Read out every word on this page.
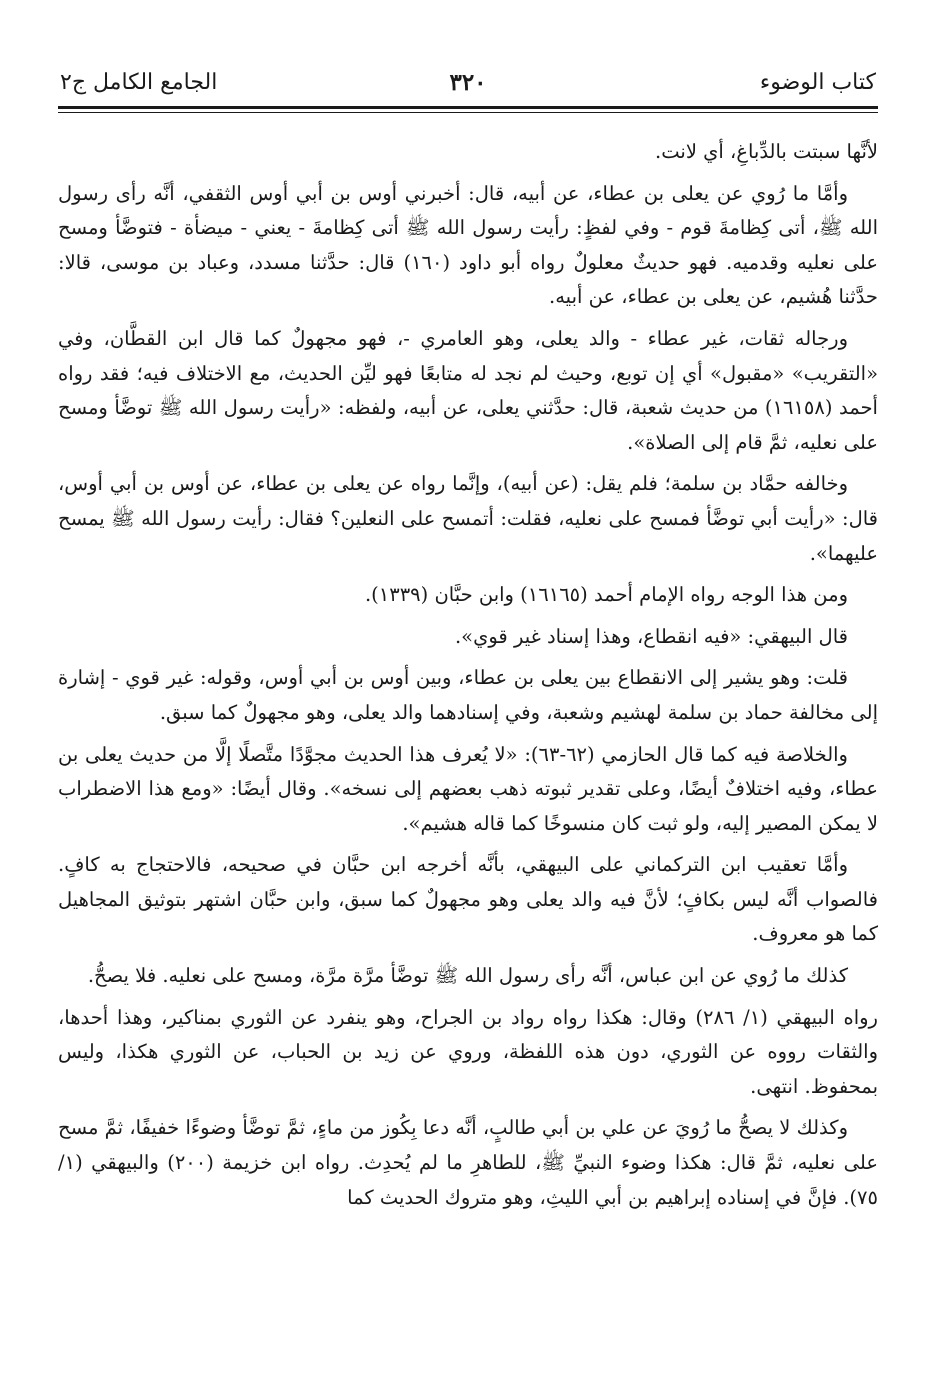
كتاب الوضوء
٣٢٠
الجامع الكامل ج٢

لأنَّها سبتت بالدِّباغِ، أي لانت.

وأمَّا ما رُوي عن يعلى بن عطاء، عن أبيه، قال: أخبرني أوس بن أبي أوس الثقفي، أنَّه رأى رسول الله ﷺ، أتى كِظامةَ قوم - وفي لفظٍ: رأيت رسول الله ﷺ أتى كِظامةَ - يعني - ميضأة - فتوضَّأ ومسح على نعليه وقدميه. فهو حديثٌ معلولٌ رواه أبو داود (١٦٠) قال: حدَّثنا مسدد، وعباد بن موسى، قالا: حدَّثنا هُشيم، عن يعلى بن عطاء، عن أبيه.

ورجاله ثقات، غير عطاء - والد يعلى، وهو العامري -، فهو مجهولٌ كما قال ابن القطَّان، وفي «التقريب» «مقبول» أي إن توبع، وحيث لم نجد له متابعًا فهو ليِّن الحديث، مع الاختلاف فيه؛ فقد رواه أحمد (١٦١٥٨) من حديث شعبة، قال: حدَّثني يعلى، عن أبيه، ولفظه: «رأيت رسول الله ﷺ توضَّأ ومسح على نعليه، ثمَّ قام إلى الصلاة».

وخالفه حمَّاد بن سلمة؛ فلم يقل: (عن أبيه)، وإنَّما رواه عن يعلى بن عطاء، عن أوس بن أبي أوس، قال: «رأيت أبي توضَّأ فمسح على نعليه، فقلت: أتمسح على النعلين؟ فقال: رأيت رسول الله ﷺ يمسح عليهما».

ومن هذا الوجه رواه الإمام أحمد (١٦١٦٥) وابن حبَّان (١٣٣٩).

قال البيهقي: «فيه انقطاع، وهذا إسناد غير قوي».

قلت: وهو يشير إلى الانقطاع بين يعلى بن عطاء، وبين أوس بن أبي أوس، وقوله: غير قوي - إشارة إلى مخالفة حماد بن سلمة لهشيم وشعبة، وفي إسنادهما والد يعلى، وهو مجهولٌ كما سبق.

والخلاصة فيه كما قال الحازمي (٦٢-٦٣): «لا يُعرف هذا الحديث مجوَّدًا متَّصلًا إلَّا من حديث يعلى بن عطاء، وفيه اختلافٌ أيضًا، وعلى تقدير ثبوته ذهب بعضهم إلى نسخه». وقال أيضًا: «ومع هذا الاضطراب لا يمكن المصير إليه، ولو ثبت كان منسوخًا كما قاله هشيم».

وأمَّا تعقيب ابن التركماني على البيهقي، بأنَّه أخرجه ابن حبَّان في صحيحه، فالاحتجاج به كافٍ. فالصواب أنَّه ليس بكافٍ؛ لأنَّ فيه والد يعلى وهو مجهولٌ كما سبق، وابن حبَّان اشتهر بتوثيق المجاهيل كما هو معروف.

كذلك ما رُوي عن ابن عباس، أنَّه رأى رسول الله ﷺ توضَّأ مرَّة مرَّة، ومسح على نعليه. فلا يصحُّ.

رواه البيهقي (١/ ٢٨٦) وقال: هكذا رواه رواد بن الجراح، وهو ينفرد عن الثوري بمناكير، وهذا أحدها، والثقات رووه عن الثوري، دون هذه اللفظة، وروي عن زيد بن الحباب، عن الثوري هكذا، وليس بمحفوظ. انتهى.

وكذلك لا يصحُّ ما رُويَ عن علي بن أبي طالبٍ، أنَّه دعا بِكُوز من ماءٍ، ثمَّ توضَّأ وضوءًا خفيفًا، ثمَّ مسح على نعليه، ثمَّ قال: هكذا وضوء النبيِّ ﷺ، للطاهرِ ما لم يُحدِث. رواه ابن خزيمة (٢٠٠) والبيهقي (١/ ٧٥). فإنَّ في إسناده إبراهيم بن أبي الليثِ، وهو متروك الحديث كما
